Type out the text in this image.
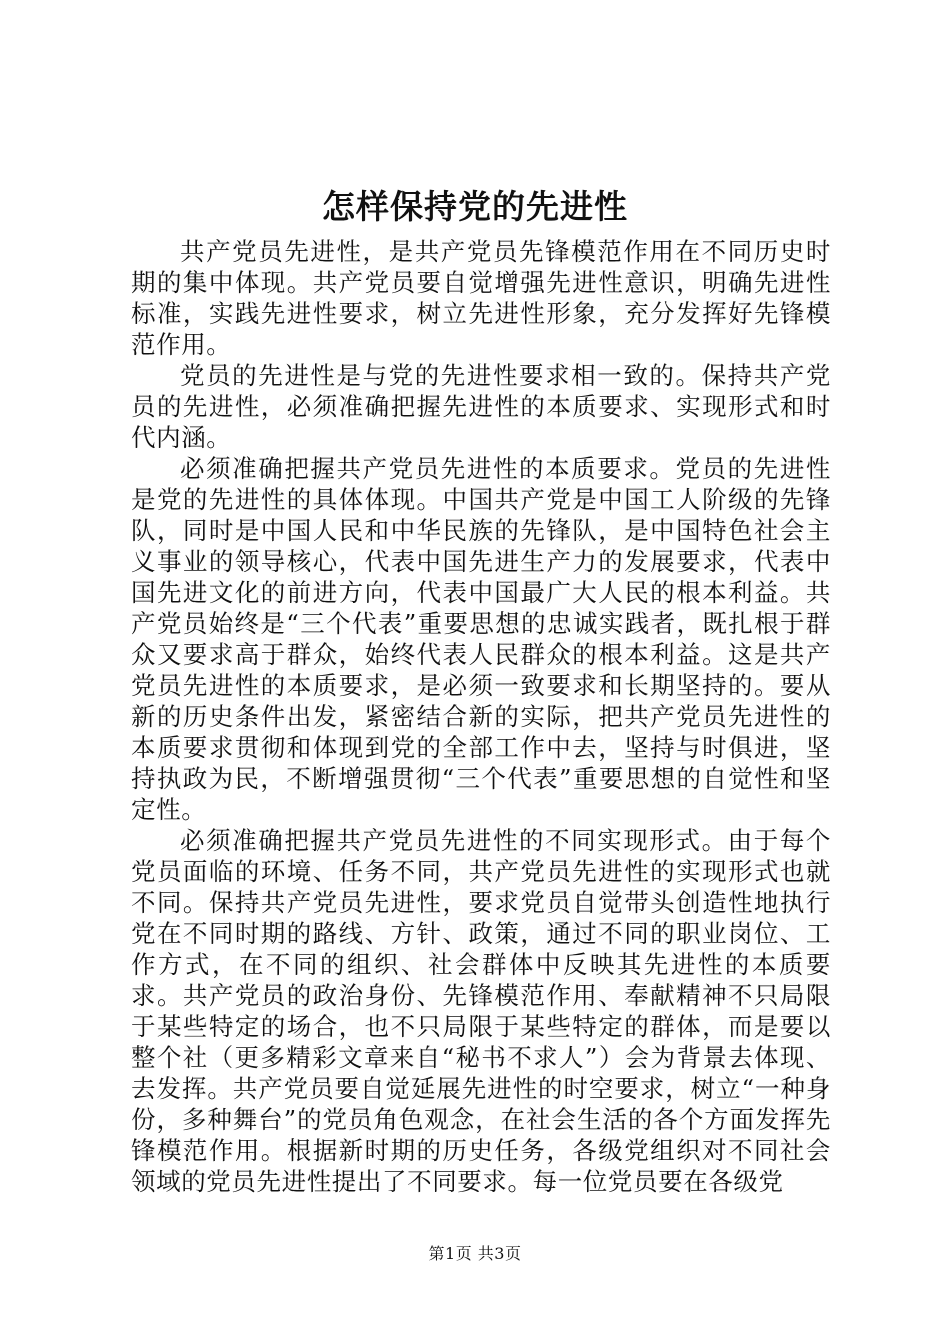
怎样保持党的先进性

共产党员先进性，是共产党员先锋模范作用在不同历史时期的集中体现。共产党员要自觉增强先进性意识，明确先进性标准，实践先进性要求，树立先进性形象，充分发挥好先锋模范作用。

党员的先进性是与党的先进性要求相一致的。保持共产党员的先进性，必须准确把握先进性的本质要求、实现形式和时代内涵。

必须准确把握共产党员先进性的本质要求。党员的先进性是党的先进性的具体体现。中国共产党是中国工人阶级的先锋队，同时是中国人民和中华民族的先锋队，是中国特色社会主义事业的领导核心，代表中国先进生产力的发展要求，代表中国先进文化的前进方向，代表中国最广大人民的根本利益。共产党员始终是“三个代表”重要思想的忠诚实践者，既扎根于群众又要求高于群众，始终代表人民群众的根本利益。这是共产党员先进性的本质要求，是必须一致要求和长期坚持的。要从新的历史条件出发，紧密结合新的实际，把共产党员先进性的本质要求贯彻和体现到党的全部工作中去，坚持与时俱进，坚持执政为民，不断增强贯彻“三个代表”重要思想的自觉性和坚定性。

必须准确把握共产党员先进性的不同实现形式。由于每个党员面临的环境、任务不同，共产党员先进性的实现形式也就不同。保持共产党员先进性，要求党员自觉带头创造性地执行党在不同时期的路线、方针、政策，通过不同的职业岗位、工作方式，在不同的组织、社会群体中反映其先进性的本质要求。共产党员的政治身份、先锋模范作用、奉献精神不只局限于某些特定的场合，也不只局限于某些特定的群体，而是要以整个社（更多精彩文章来自“秘书不求人”）会为背景去体现、去发挥。共产党员要自觉延展先进性的时空要求，树立“一种身份，多种舞台”的党员角色观念，在社会生活的各个方面发挥先锋模范作用。根据新时期的历史任务，各级党组织对不同社会领域的党员先进性提出了不同要求。每一位党员要在各级党

第1页 共3页
